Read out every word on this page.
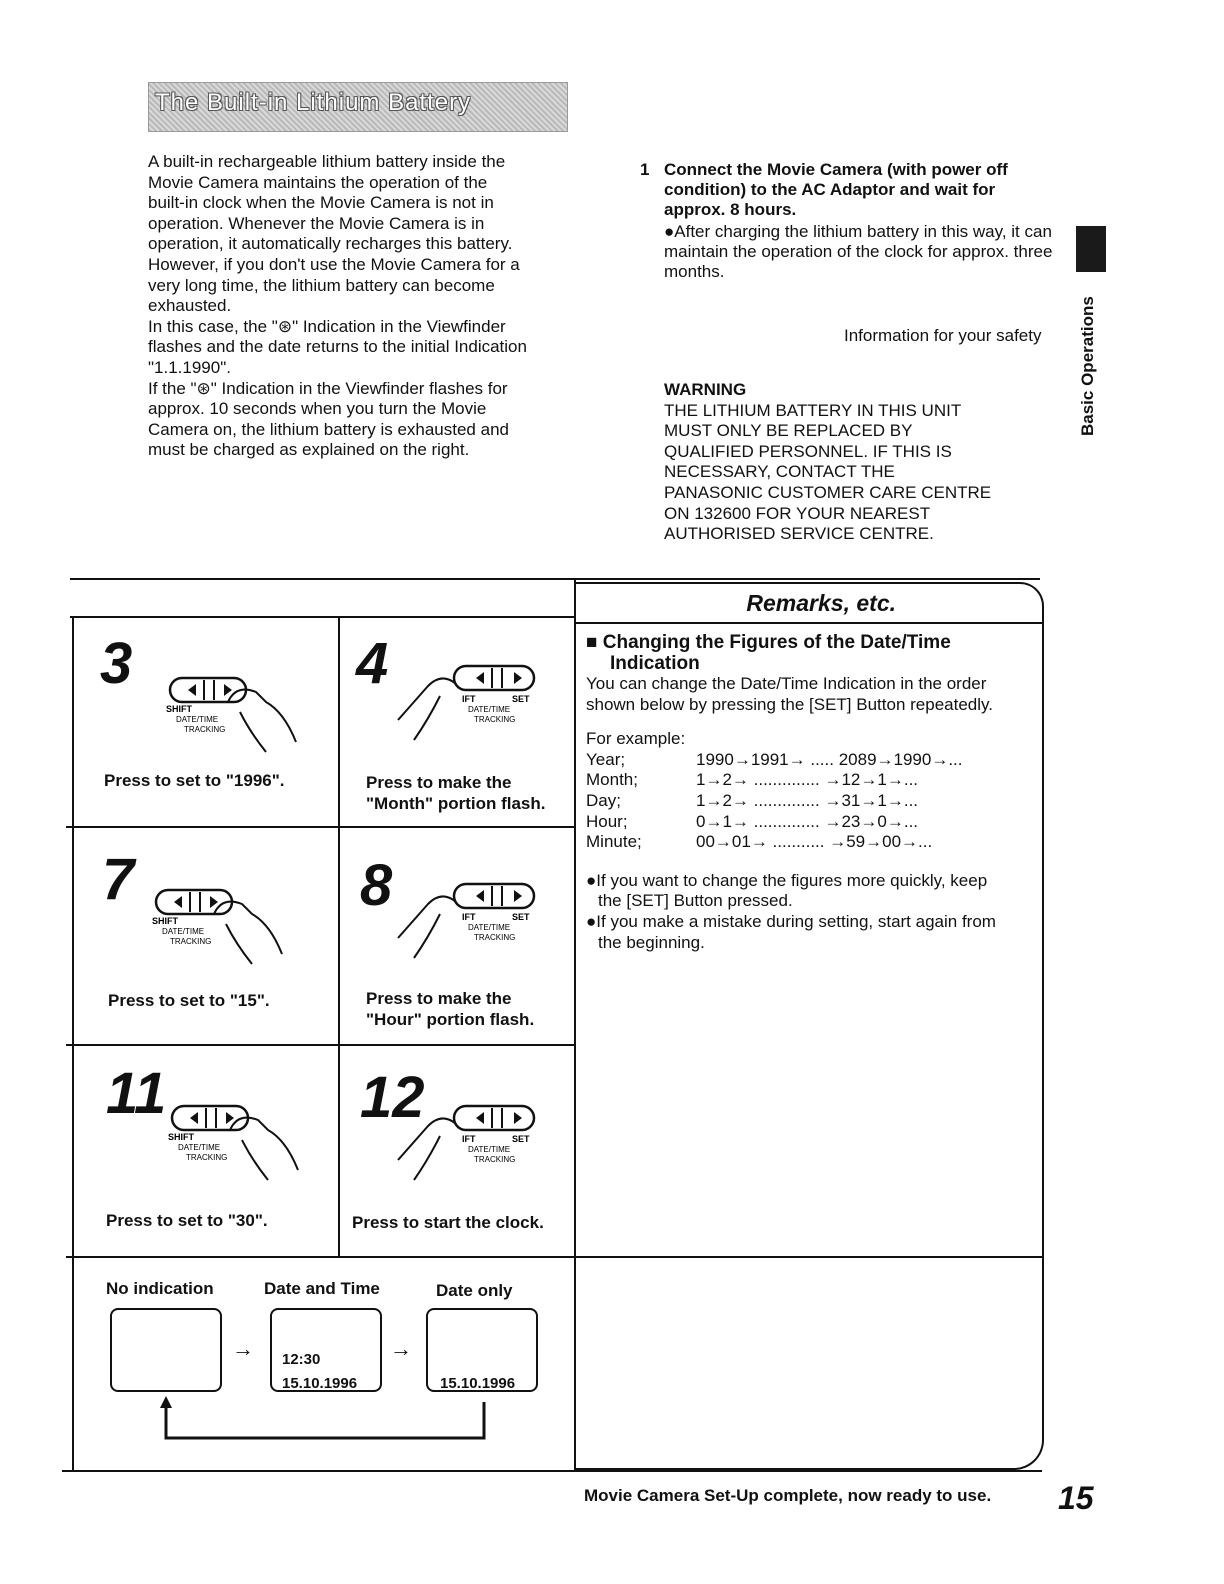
The Built-in Lithium Battery

A built-in rechargeable lithium battery inside the

Movie Camera maintains the operation of the

built-in clock when the Movie Camera is not in

operation. Whenever the Movie Camera is in

operation, it automatically recharges this battery.

However, if you don't use the Movie Camera for a

very long time, the lithium battery can become

exhausted.

In this case, the "⊛" Indication in the Viewfinder

flashes and the date returns to the initial Indication

"1.1.1990".

If the "⊛" Indication in the Viewfinder flashes for

approx. 10 seconds when you turn the Movie

Camera on, the lithium battery is exhausted and

must be charged as explained on the right.

1 Connect the Movie Camera (with power off condition) to the AC Adaptor and wait for approx. 8 hours.
●After charging the lithium battery in this way, it can maintain the operation of the clock for approx. three months.
Information for your safety
WARNING
THE LITHIUM BATTERY IN THIS UNIT
MUST ONLY BE REPLACED BY
QUALIFIED PERSONNEL. IF THIS IS
NECESSARY, CONTACT THE
PANASONIC CUSTOMER CARE CENTRE
ON 132600 FOR YOUR NEAREST
AUTHORISED SERVICE CENTRE.
Basic Operations
3
SHIFT
DATE/TIME
TRACKING
Press to set to "1996".
4
IFT	SET
DATE/TIME
TRACKING
Press to make the
"Month" portion flash.
7
SHIFT
DATE/TIME
TRACKING
Press to set to "15".
8	IFT	SET
DATE/TIME
TRACKING
Press to make the
"Hour" portion flash.
11
SHIFT
DATE/TIME
TRACKING
Press to set to "30".
12
IFT	SET
DATE/TIME
TRACKING
Press to start the clock.
No indication	Date and Time	Date only
→ 12:30
15.10.1996
→
15.10.1996
Remarks, etc.
■ Changing the Figures of the Date/Time
Indication
You can change the Date/Time Indication in the order
shown below by pressing the [SET] Button repeatedly.
For example:
Year;	1990→1991→ ..... 2089→1990→...
Month;	1→2→ .............. →12→1→...
Day;	1→2→ .............. →31→1→...
Hour;	0→1→ .............. →23→0→...
Minute;	00→01→ ........... →59→00→...
●If you want to change the figures more quickly, keep
the [SET] Button pressed.
●If you make a mistake during setting, start again from
the beginning.
Movie Camera Set-Up complete, now ready to use. 15
